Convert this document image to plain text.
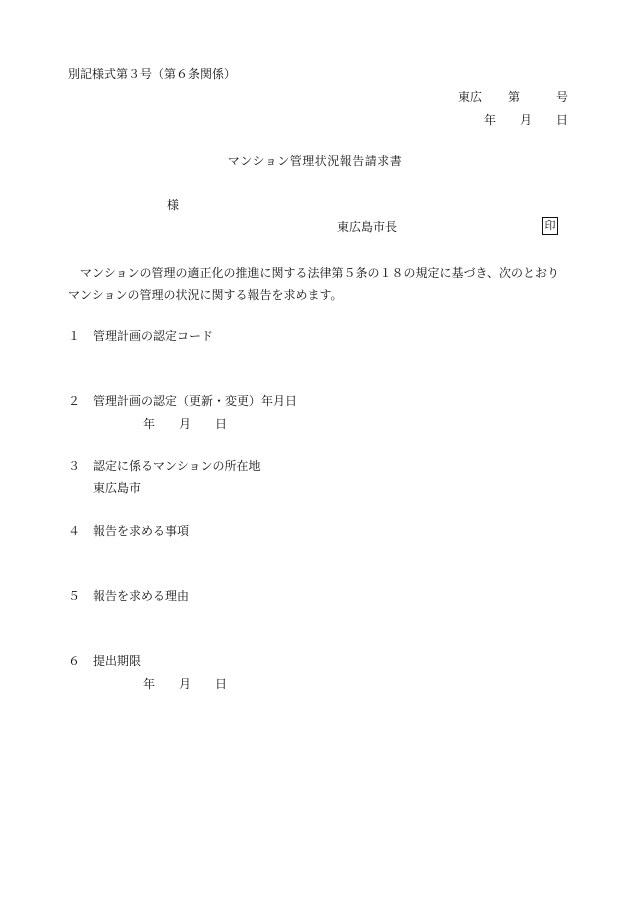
別記様式第３号（第６条関係）
東広 第	号
年 月 日
マンション管理状況報告請求書
様
東広島市長	印
マンションの管理の適正化の推進に関する法律第５条の１８の規定に基づき、次のとおりマンションの管理の状況に関する報告を求めます。
１ 管理計画の認定コード
２ 管理計画の認定（更新・変更）年月日
年 月 日
３ 認定に係るマンションの所在地
東広島市
４ 報告を求める事項
５ 報告を求める理由
６ 提出期限
年 月 日
